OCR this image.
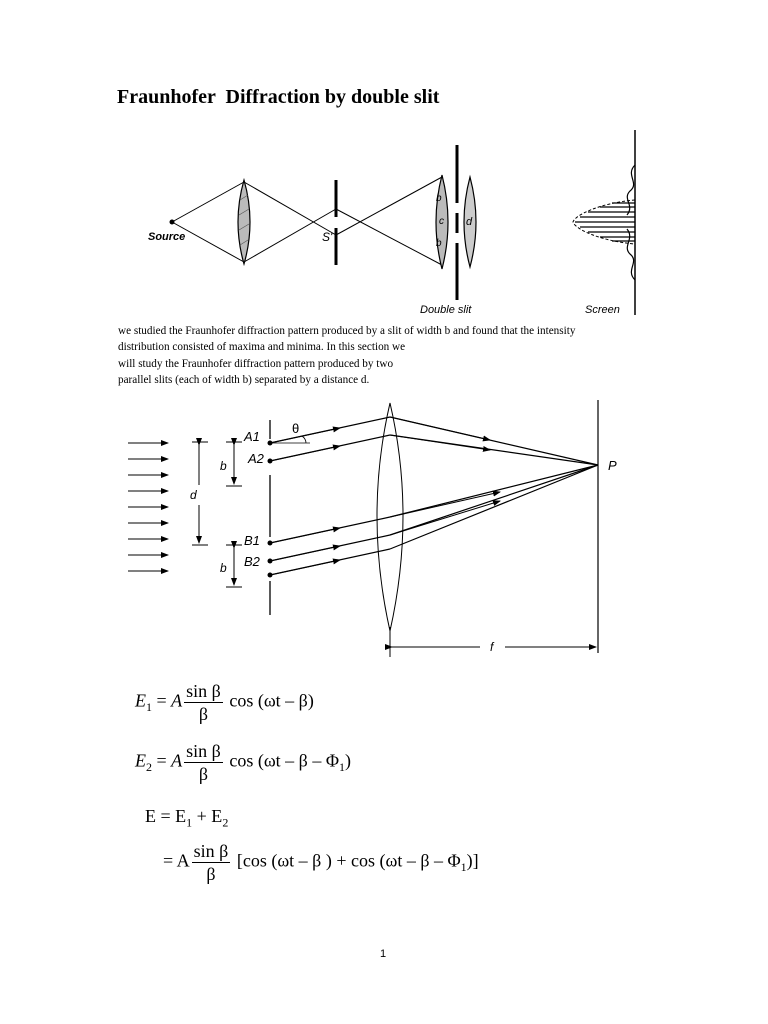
Fraunhofer  Diffraction by double slit
S'
b
c
b
d
Source
Double slit	Screen
we studied the Fraunhofer diffraction pattern produced by a slit of width b and found that the intensity
distribution consisted of maxima and minima. In this section we
will study the Fraunhofer diffraction pattern produced by two
parallel slits (each of width b) separated by a distance d.
d
b
b
A1
A2
B1
B2
θ
P
f
$E_1 = A \frac{\text{sin β}}{\beta}$ cos (ωt – β)
$E_2 = A \frac{\text{sin β}}{\beta}$ cos (ωt – β – $\Phi_1$)
$E = E_1 + E_2$
= A $\frac{\text{sin β}}{\beta} [\cos$ (ωt – β ) + cos (ωt – β – $\Phi_1$)]
1
